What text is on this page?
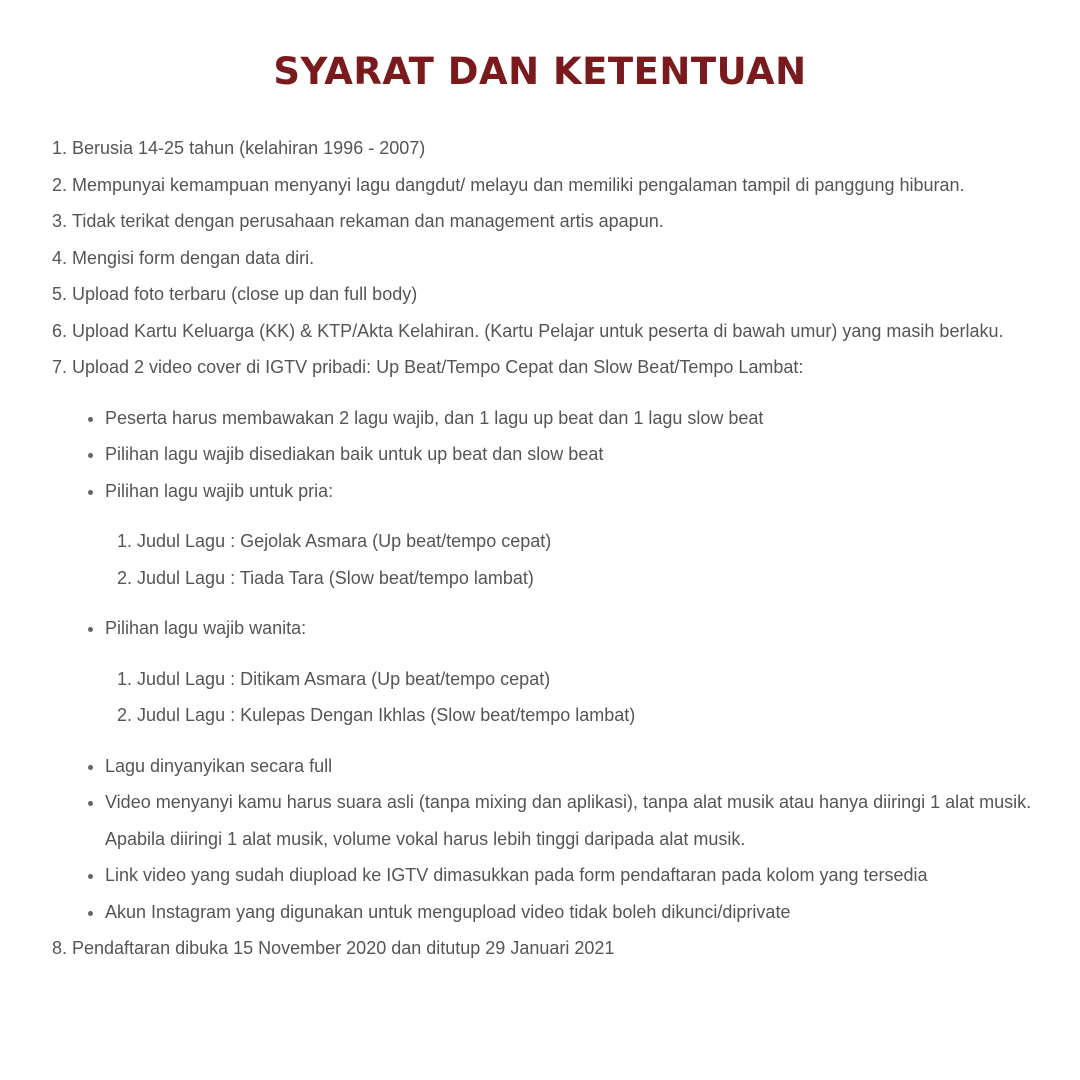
SYARAT DAN KETENTUAN
1. Berusia 14-25 tahun (kelahiran 1996 - 2007)
2. Mempunyai kemampuan menyanyi lagu dangdut/ melayu dan memiliki pengalaman tampil di panggung hiburan.
3. Tidak terikat dengan perusahaan rekaman dan management artis apapun.
4. Mengisi form dengan data diri.
5. Upload foto terbaru (close up dan full body)
6. Upload Kartu Keluarga (KK) & KTP/Akta Kelahiran. (Kartu Pelajar untuk peserta di bawah umur) yang masih berlaku.
7. Upload 2 video cover di IGTV pribadi: Up Beat/Tempo Cepat dan Slow Beat/Tempo Lambat:
• Peserta harus membawakan 2 lagu wajib, dan 1 lagu up beat dan 1 lagu slow beat
• Pilihan lagu wajib disediakan baik untuk up beat dan slow beat
• Pilihan lagu wajib untuk pria:
1. Judul Lagu : Gejolak Asmara (Up beat/tempo cepat)
2. Judul Lagu : Tiada Tara (Slow beat/tempo lambat)
• Pilihan lagu wajib wanita:
1. Judul Lagu : Ditikam Asmara (Up beat/tempo cepat)
2. Judul Lagu : Kulepas Dengan Ikhlas (Slow beat/tempo lambat)
• Lagu dinyanyikan secara full
• Video menyanyi kamu harus suara asli (tanpa mixing dan aplikasi), tanpa alat musik atau hanya diiringi 1 alat musik. Apabila diiringi 1 alat musik, volume vokal harus lebih tinggi daripada alat musik.
• Link video yang sudah diupload ke IGTV dimasukkan pada form pendaftaran pada kolom yang tersedia
• Akun Instagram yang digunakan untuk mengupload video tidak boleh dikunci/diprivate
8. Pendaftaran dibuka 15 November 2020 dan ditutup 29 Januari 2021
